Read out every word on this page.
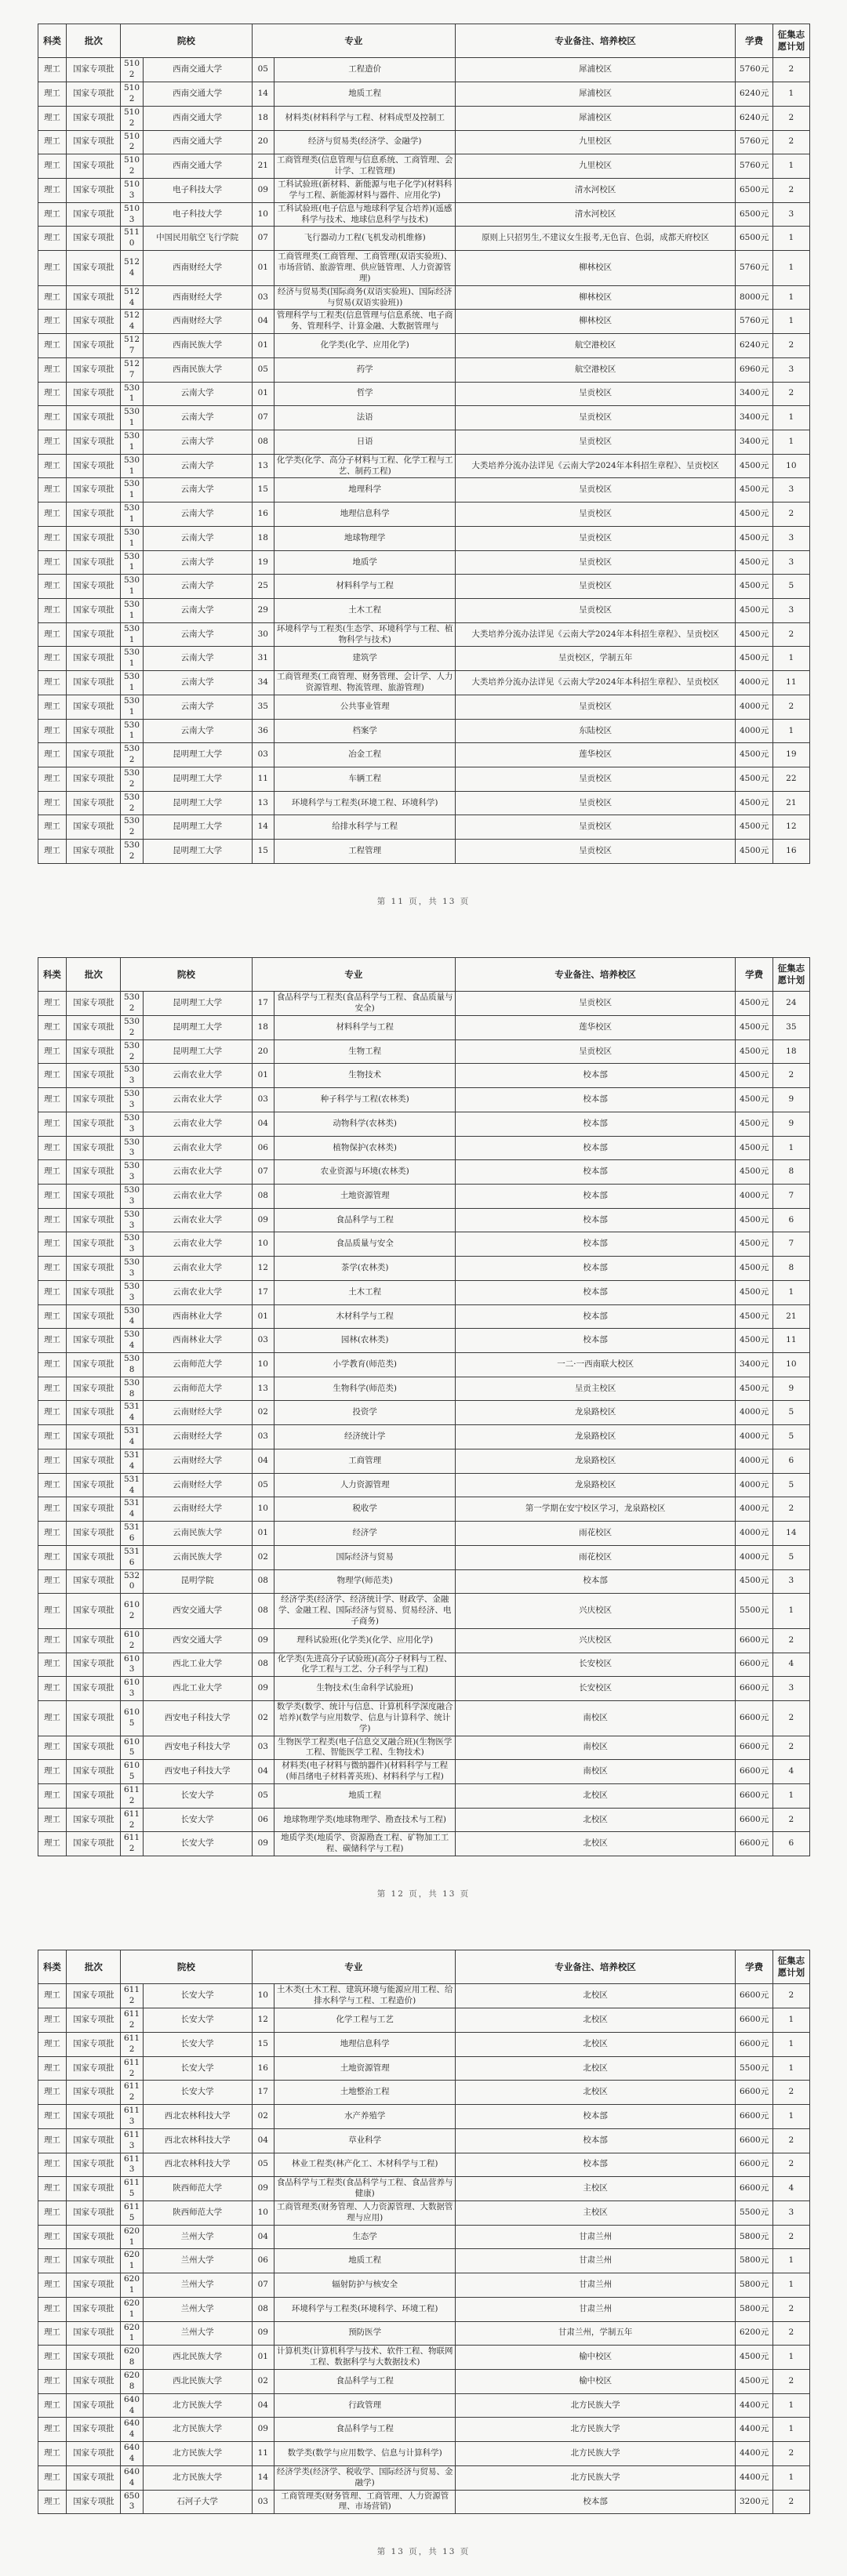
科类	批次	院校		专业		专业备注、培养校区	学费	征集志愿计划
理工	国家专项批	5102	西南交通大学	05	工程造价	犀浦校区	5760元	2
理工	国家专项批	5102	西南交通大学	14	地质工程	犀浦校区	6240元	1
理工	国家专项批	5102	西南交通大学	18	材料类(材料科学与工程、材料成型及控制工	犀浦校区	6240元	2
理工	国家专项批	5102	西南交通大学	20	经济与贸易类(经济学、金融学)	九里校区	5760元	2
理工	国家专项批	5102	西南交通大学	21	工商管理类(信息管理与信息系统、工商管理、会计学、工程管理)	九里校区	5760元	1
理工	国家专项批	5103	电子科技大学	09	工科试验班(新材料、新能源与电子化学)(材料科学与工程、新能源材料与器件、应用化学)	清水河校区	6500元	2
理工	国家专项批	5103	电子科技大学	10	工科试验班(电子信息与地球科学复合培养)(遥感科学与技术、地球信息科学与技术)	清水河校区	6500元	3
理工	国家专项批	5110	中国民用航空飞行学院	07	飞行器动力工程(飞机发动机维修)	原则上只招男生,不建议女生报考,无色盲、色弱，成都天府校区	6500元	1
理工	国家专项批	5124	西南财经大学	01	工商管理类(工商管理、工商管理(双语实验班)、市场营销、旅游管理、供应链管理、人力资源管理)	柳林校区	5760元	1
理工	国家专项批	5124	西南财经大学	03	经济与贸易类(国际商务(双语实验班)、国际经济与贸易(双语实验班))	柳林校区	8000元	1
理工	国家专项批	5124	西南财经大学	04	管理科学与工程类(信息管理与信息系统、电子商务、管理科学、计算金融、大数据管理与	柳林校区	5760元	1
理工	国家专项批	5127	西南民族大学	01	化学类(化学、应用化学)	航空港校区	6240元	2
理工	国家专项批	5127	西南民族大学	05	药学	航空港校区	6960元	3
理工	国家专项批	5301	云南大学	01	哲学	呈贡校区	3400元	2
理工	国家专项批	5301	云南大学	07	法语	呈贡校区	3400元	1
理工	国家专项批	5301	云南大学	08	日语	呈贡校区	3400元	1
理工	国家专项批	5301	云南大学	13	化学类(化学、高分子材料与工程、化学工程与工艺、制药工程)	大类培养分流办法详见《云南大学2024年本科招生章程》、呈贡校区	4500元	10
理工	国家专项批	5301	云南大学	15	地理科学	呈贡校区	4500元	3
理工	国家专项批	5301	云南大学	16	地理信息科学	呈贡校区	4500元	2
理工	国家专项批	5301	云南大学	18	地球物理学	呈贡校区	4500元	3
理工	国家专项批	5301	云南大学	19	地质学	呈贡校区	4500元	3
理工	国家专项批	5301	云南大学	25	材料科学与工程	呈贡校区	4500元	5
理工	国家专项批	5301	云南大学	29	土木工程	呈贡校区	4500元	3
理工	国家专项批	5301	云南大学	30	环境科学与工程类(生态学、环境科学与工程、植物科学与技术)	大类培养分流办法详见《云南大学2024年本科招生章程》、呈贡校区	4500元	2
理工	国家专项批	5301	云南大学	31	建筑学	呈贡校区，学制五年	4500元	1
理工	国家专项批	5301	云南大学	34	工商管理类(工商管理、财务管理、会计学、人力资源管理、物流管理、旅游管理)	大类培养分流办法详见《云南大学2024年本科招生章程》、呈贡校区	4000元	11
理工	国家专项批	5301	云南大学	35	公共事业管理	呈贡校区	4000元	2
理工	国家专项批	5301	云南大学	36	档案学	东陆校区	4000元	1
理工	国家专项批	5302	昆明理工大学	03	冶金工程	莲华校区	4500元	19
理工	国家专项批	5302	昆明理工大学	11	车辆工程	呈贡校区	4500元	22
理工	国家专项批	5302	昆明理工大学	13	环境科学与工程类(环境工程、环境科学)	呈贡校区	4500元	21
理工	国家专项批	5302	昆明理工大学	14	给排水科学与工程	呈贡校区	4500元	12
理工	国家专项批	5302	昆明理工大学	15	工程管理	呈贡校区	4500元	16
第 11 页，共 13 页
科类	批次	院校		专业		专业备注、培养校区	学费	征集志愿计划
理工	国家专项批	5302	昆明理工大学	17	食品科学与工程类(食品科学与工程、食品质量与安全)	呈贡校区	4500元	24
理工	国家专项批	5302	昆明理工大学	18	材料科学与工程	莲华校区	4500元	35
理工	国家专项批	5302	昆明理工大学	20	生物工程	呈贡校区	4500元	18
理工	国家专项批	5303	云南农业大学	01	生物技术	校本部	4500元	2
理工	国家专项批	5303	云南农业大学	03	种子科学与工程(农林类)	校本部	4500元	9
理工	国家专项批	5303	云南农业大学	04	动物科学(农林类)	校本部	4500元	9
理工	国家专项批	5303	云南农业大学	06	植物保护(农林类)	校本部	4500元	1
理工	国家专项批	5303	云南农业大学	07	农业资源与环境(农林类)	校本部	4500元	8
理工	国家专项批	5303	云南农业大学	08	土地资源管理	校本部	4000元	7
理工	国家专项批	5303	云南农业大学	09	食品科学与工程	校本部	4500元	6
理工	国家专项批	5303	云南农业大学	10	食品质量与安全	校本部	4500元	7
理工	国家专项批	5303	云南农业大学	12	茶学(农林类)	校本部	4500元	8
理工	国家专项批	5303	云南农业大学	17	土木工程	校本部	4500元	1
理工	国家专项批	5304	西南林业大学	01	木材科学与工程	校本部	4500元	21
理工	国家专项批	5304	西南林业大学	03	园林(农林类)	校本部	4500元	11
理工	国家专项批	5308	云南师范大学	10	小学教育(师范类)	一二·一西南联大校区	3400元	10
理工	国家专项批	5308	云南师范大学	13	生物科学(师范类)	呈贡主校区	4500元	9
理工	国家专项批	5314	云南财经大学	02	投资学	龙泉路校区	4000元	5
理工	国家专项批	5314	云南财经大学	03	经济统计学	龙泉路校区	4000元	5
理工	国家专项批	5314	云南财经大学	04	工商管理	龙泉路校区	4000元	6
理工	国家专项批	5314	云南财经大学	05	人力资源管理	龙泉路校区	4000元	5
理工	国家专项批	5314	云南财经大学	10	税收学	第一学期在安宁校区学习，龙泉路校区	4000元	2
理工	国家专项批	5316	云南民族大学	01	经济学	雨花校区	4000元	14
理工	国家专项批	5316	云南民族大学	02	国际经济与贸易	雨花校区	4000元	5
理工	国家专项批	5320	昆明学院	08	物理学(师范类)	校本部	4500元	3
理工	国家专项批	6102	西安交通大学	08	经济学类(经济学、经济统计学、财政学、金融学、金融工程、国际经济与贸易、贸易经济、电子商务)	兴庆校区	5500元	1
理工	国家专项批	6102	西安交通大学	09	理科试验班(化学类)(化学、应用化学)	兴庆校区	6600元	2
理工	国家专项批	6103	西北工业大学	08	化学类(先进高分子试验班)(高分子材料与工程、化学工程与工艺、分子科学与工程)	长安校区	6600元	4
理工	国家专项批	6103	西北工业大学	09	生物技术(生命科学试验班)	长安校区	6600元	3
理工	国家专项批	6105	西安电子科技大学	02	数学类(数学、统计与信息、计算机科学深度融合培养)(数学与应用数学、信息与计算科学、统计学)	南校区	6600元	2
理工	国家专项批	6105	西安电子科技大学	03	生物医学工程类(电子信息交叉融合班)(生物医学工程、智能医学工程、生物技术)	南校区	6600元	2
理工	国家专项批	6105	西安电子科技大学	04	材料类(电子材料与微纳器件)(材料科学与工程(师昌绪电子材料菁英班)、材料科学与工程)	南校区	6600元	4
理工	国家专项批	6112	长安大学	05	地质工程	北校区	6600元	1
理工	国家专项批	6112	长安大学	06	地球物理学类(地球物理学、勘查技术与工程)	北校区	6600元	2
理工	国家专项批	6112	长安大学	09	地质学类(地质学、资源勘查工程、矿物加工工程、碳储科学与工程)	北校区	6600元	6
第 12 页，共 13 页
科类	批次	院校		专业		专业备注、培养校区	学费	征集志愿计划
理工	国家专项批	6112	长安大学	10	土木类(土木工程、建筑环境与能源应用工程、给排水科学与工程、工程造价)	北校区	6600元	2
理工	国家专项批	6112	长安大学	12	化学工程与工艺	北校区	6600元	1
理工	国家专项批	6112	长安大学	15	地理信息科学	北校区	6600元	1
理工	国家专项批	6112	长安大学	16	土地资源管理	北校区	5500元	1
理工	国家专项批	6112	长安大学	17	土地整治工程	北校区	6600元	2
理工	国家专项批	6113	西北农林科技大学	02	水产养殖学	校本部	6600元	1
理工	国家专项批	6113	西北农林科技大学	04	草业科学	校本部	6600元	2
理工	国家专项批	6113	西北农林科技大学	05	林业工程类(林产化工、木材科学与工程)	校本部	6600元	2
理工	国家专项批	6115	陕西师范大学	09	食品科学与工程类(食品科学与工程、食品营养与健康)	主校区	6600元	4
理工	国家专项批	6115	陕西师范大学	10	工商管理类(财务管理、人力资源管理、大数据管理与应用)	主校区	5500元	3
理工	国家专项批	6201	兰州大学	04	生态学	甘肃兰州	5800元	2
理工	国家专项批	6201	兰州大学	06	地质工程	甘肃兰州	5800元	1
理工	国家专项批	6201	兰州大学	07	辐射防护与核安全	甘肃兰州	5800元	1
理工	国家专项批	6201	兰州大学	08	环境科学与工程类(环境科学、环境工程)	甘肃兰州	5800元	2
理工	国家专项批	6201	兰州大学	09	预防医学	甘肃兰州，学制五年	6200元	2
理工	国家专项批	6208	西北民族大学	01	计算机类(计算机科学与技术、软件工程、物联网工程、数据科学与大数据技术)	榆中校区	4500元	1
理工	国家专项批	6208	西北民族大学	02	食品科学与工程	榆中校区	4500元	2
理工	国家专项批	6404	北方民族大学	04	行政管理	北方民族大学	4400元	1
理工	国家专项批	6404	北方民族大学	09	食品科学与工程	北方民族大学	4400元	1
理工	国家专项批	6404	北方民族大学	11	数学类(数学与应用数学、信息与计算科学)	北方民族大学	4400元	2
理工	国家专项批	6404	北方民族大学	14	经济学类(经济学、税收学、国际经济与贸易、金融学)	北方民族大学	4400元	1
理工	国家专项批	6503	石河子大学	03	工商管理类(财务管理、工商管理、人力资源管理、市场营销)	校本部	3200元	2
第 13 页，共 13 页
